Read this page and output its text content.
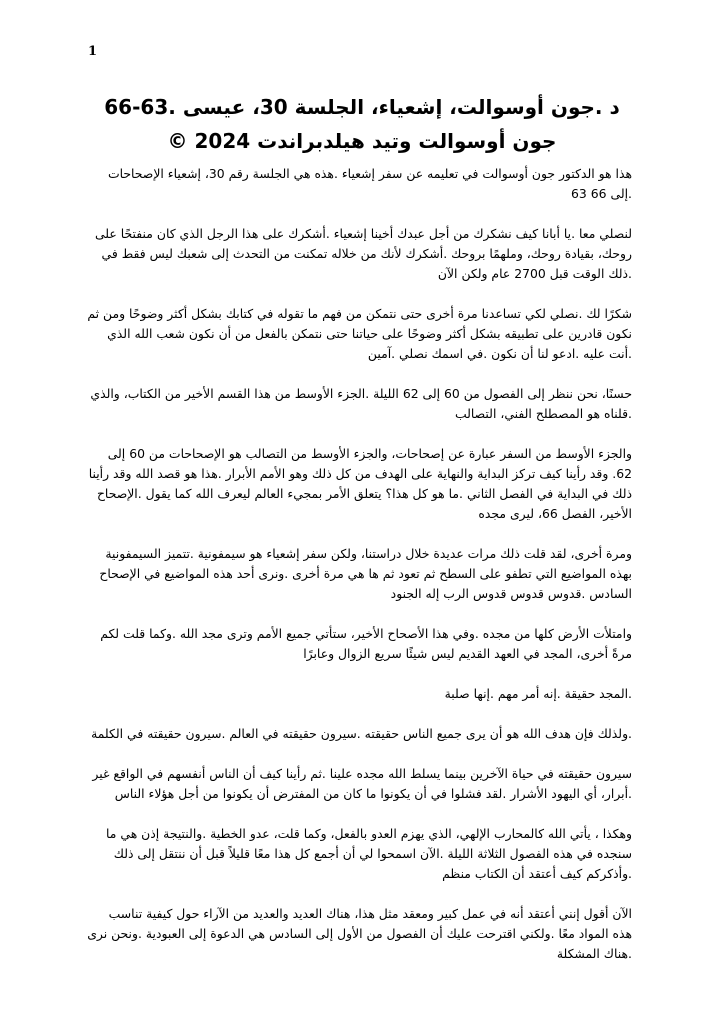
1
د .جون أوسوالت، إشعياء، الجلسة 30، عيسى .63-66
جون أوسوالت وتيد هيلدبراندت 2024 ©

هذا هو الدكتور جون أوسوالت في تعليمه عن سفر إشعياء .هذه هي الجلسة رقم 30، إشعياء الإصحاحات .إلى 66 63

لنصلي معا .يا أبانا كيف نشكرك من أجل عبدك أخينا إشعياء .أشكرك على هذا الرجل الذي كان منفتحًا على روحك، بقيادة روحك، وملهمًا بروحك .أشكرك لأنك من خلاله تمكنت من التحدث إلى شعبك ليس فقط في .ذلك الوقت قبل 2700 عام ولكن الآن

شكرًا لك .نصلي لكي تساعدنا مرة أخرى حتى نتمكن من فهم ما تقوله في كتابك بشكل أكثر وضوحًا ومن ثم نكون قادرين على تطبيقه بشكل أكثر وضوحًا على حياتنا حتى نتمكن بالفعل من أن نكون شعب الله الذي .أنت عليه .ادعو لنا أن نكون .في اسمك نصلي .آمين

حسنًا، نحن ننظر إلى الفصول من 60 إلى 62 الليلة .الجزء الأوسط من هذا القسم الأخير من الكتاب، والذي .قلناه هو المصطلح الفني، التصالب

والجزء الأوسط من السفر عبارة عن إصحاحات، والجزء الأوسط من التصالب هو الإصحاحات من 60 إلى 62. وقد رأينا كيف تركز البداية والنهاية على الهدف من كل ذلك وهو الأمم الأبرار .هذا هو قصد الله وقد رأينا ذلك في البداية في الفصل الثاني .ما هو كل هذا؟ يتعلق الأمر بمجيء العالم ليعرف الله كما يقول .الإصحاح الأخير، الفصل 66، ليرى مجده

ومرة أخرى، لقد قلت ذلك مرات عديدة خلال دراستنا، ولكن سفر إشعياء هو سيمفونية .تتميز السيمفونية بهذه المواضيع التي تطفو على السطح ثم تعود ثم ها هي مرة أخرى .ونرى أحد هذه المواضيع في الإصحاح السادس .قدوس قدوس قدوس الرب إله الجنود

وامتلأت الأرض كلها من مجده .وفي هذا الأصحاح الأخير، ستأتي جميع الأمم وترى مجد الله .وكما قلت لكم مرةً أخرى، المجد في العهد القديم ليس شيئًا سريع الزوال وعابرًا

.المجد حقيقة .إنه أمر مهم .إنها صلبة

.ولذلك فإن هدف الله هو أن يرى جميع الناس حقيقته .سيرون حقيقته في العالم .سيرون حقيقته في الكلمة

سيرون حقيقته في حياة الآخرين بينما يسلط الله مجده علينا .ثم رأينا كيف أن الناس أنفسهم في الواقع غير .أبرار، أي اليهود الأشرار .لقد فشلوا في أن يكونوا ما كان من المفترض أن يكونوا من أجل هؤلاء الناس

وهكذا ، يأتي الله كالمحارب الإلهي، الذي يهزم العدو بالفعل، وكما قلت، عدو الخطية .والنتيجة إذن هي ما سنجده في هذه الفصول الثلاثة الليلة .الآن اسمحوا لي أن أجمع كل هذا معًا قليلاً قبل أن ننتقل إلى ذلك .وأذكركم كيف أعتقد أن الكتاب منظم

الآن أقول إنني أعتقد أنه في عمل كبير ومعقد مثل هذا، هناك العديد والعديد من الآراء حول كيفية تناسب هذه المواد معًا .ولكني اقترحت عليك أن الفصول من الأول إلى السادس هي الدعوة إلى العبودية .ونحن نرى .هناك المشكلة
